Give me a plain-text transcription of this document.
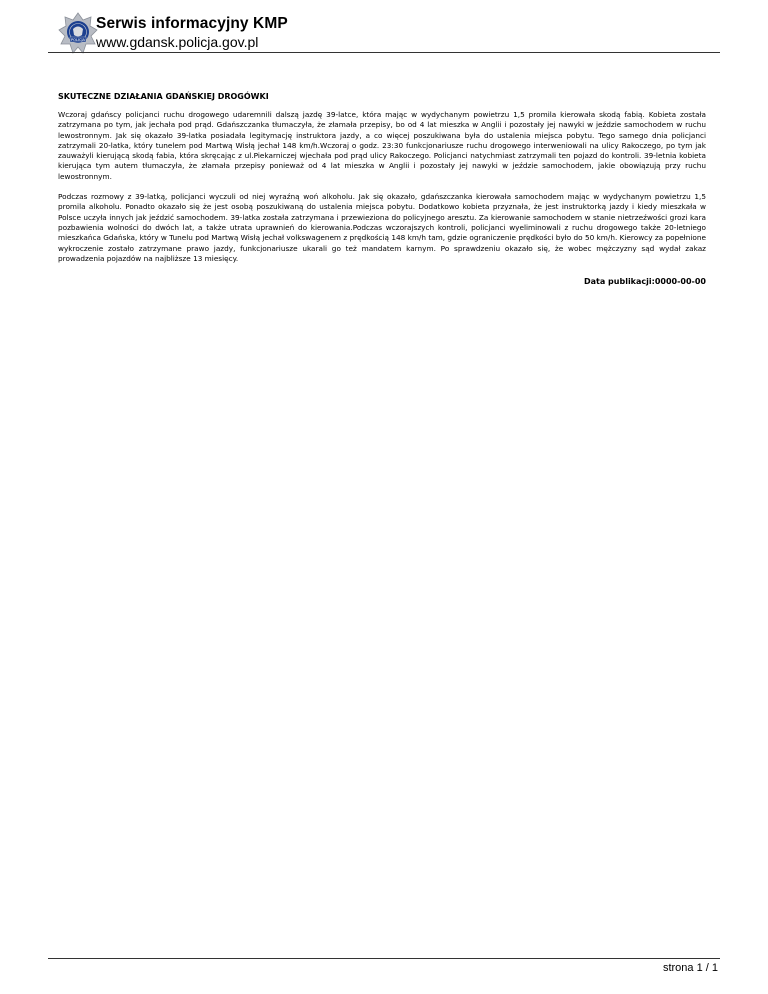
POLICJA
Serwis informacyjny KMP
www.gdansk.policja.gov.pl
SKUTECZNE DZIAŁANIA GDAŃSKIEJ DROGÓWKI

Wczoraj gdańscy policjanci ruchu drogowego udaremnili dalszą jazdę 39-latce, która mając w wydychanym powietrzu 1,5 promila kierowała skodą fabią. Kobieta została zatrzymana po tym, jak jechała pod prąd. Gdańszczanka tłumaczyła, że złamała przepisy, bo od 4 lat mieszka w Anglii i pozostały jej nawyki w jeździe samochodem w ruchu lewostronnym. Jak się okazało 39-latka posiadała legitymację instruktora jazdy, a co więcej poszukiwana była do ustalenia miejsca pobytu. Tego samego dnia policjanci zatrzymali 20-latka, który tunelem pod Martwą Wisłą jechał 148 km/h.Wczoraj o godz. 23:30 funkcjonariusze ruchu drogowego interweniowali na ulicy Rakoczego, po tym jak zauważyli kierującą skodą fabia, która skręcając z ul.Piekarniczej wjechała pod prąd ulicy Rakoczego. Policjanci natychmiast zatrzymali ten pojazd do kontroli. 39-letnia kobieta kierująca tym autem tłumaczyła, że złamała przepisy ponieważ od 4 lat mieszka w Anglii i pozostały jej nawyki w jeździe samochodem, jakie obowiązują przy ruchu lewostronnym.

Podczas rozmowy z 39-latką, policjanci wyczuli od niej wyraźną woń alkoholu. Jak się okazało, gdańszczanka kierowała samochodem mając w wydychanym powietrzu 1,5 promila alkoholu. Ponadto okazało się że jest osobą poszukiwaną do ustalenia miejsca pobytu. Dodatkowo kobieta przyznała, że jest instruktorką jazdy i kiedy mieszkała w Polsce uczyła innych jak jeździć samochodem. 39-latka została zatrzymana i przewieziona do policyjnego aresztu. Za kierowanie samochodem w stanie nietrzeźwości grozi kara pozbawienia wolności do dwóch lat, a także utrata uprawnień do kierowania.Podczas wczorajszych kontroli, policjanci wyeliminowali z ruchu drogowego także 20-letniego mieszkańca Gdańska, który w Tunelu pod Martwą Wisłą jechał volkswagenem z prędkością 148 km/h tam, gdzie ograniczenie prędkości było do 50 km/h. Kierowcy za popełnione wykroczenie zostało zatrzymane prawo jazdy, funkcjonariusze ukarali go też mandatem karnym. Po sprawdzeniu okazało się, że wobec mężczyzny sąd wydał zakaz prowadzenia pojazdów na najbliższe 13 miesięcy.

Data publikacji:0000-00-00
strona 1 / 1
